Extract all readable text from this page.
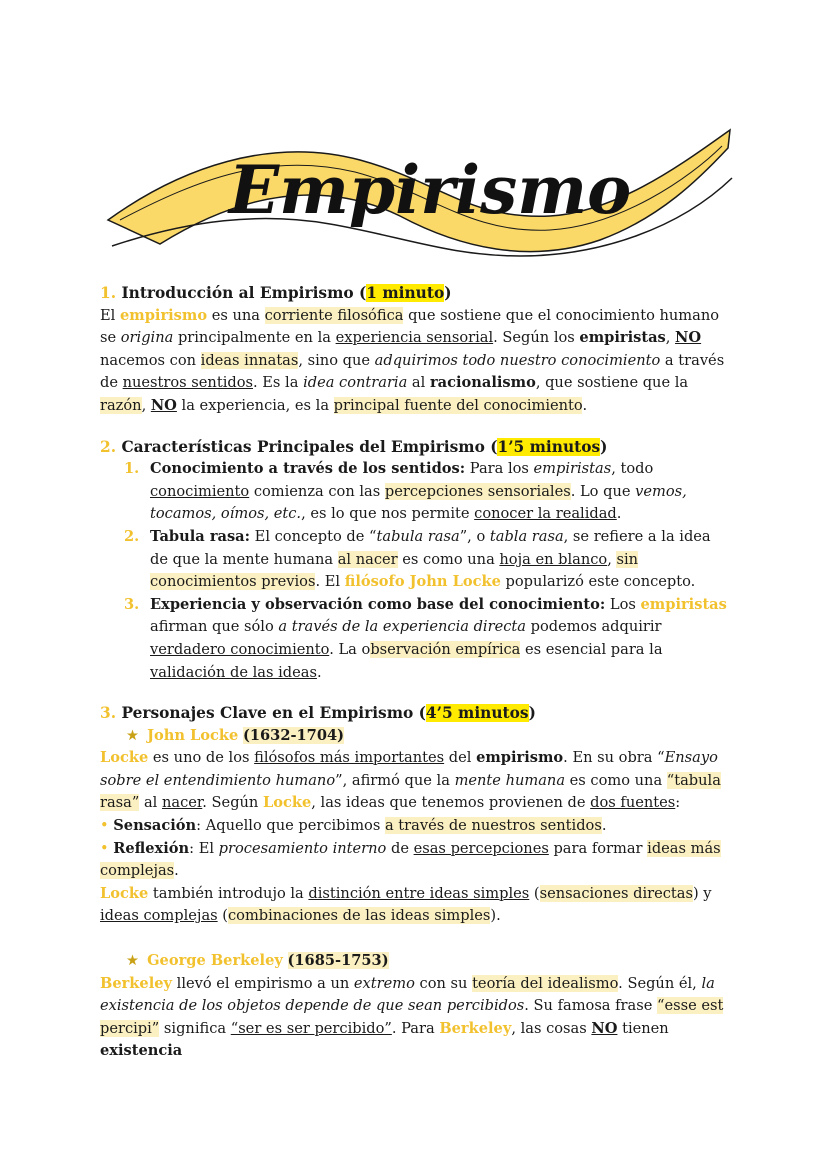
Empirismo

1. Introducción al Empirismo (1 minuto)

El empirismo es una corriente filosófica que sostiene que el conocimiento humano se origina principalmente en la experiencia sensorial. Según los empiristas, NO nacemos con ideas innatas, sino que adquirimos todo nuestro conocimiento a través de nuestros sentidos. Es la idea contraria al racionalismo, que sostiene que la razón, NO la experiencia, es la principal fuente del conocimiento.

2. Características Principales del Empirismo (1’5 minutos)

1. Conocimiento a través de los sentidos: Para los empiristas, todo conocimiento comienza con las percepciones sensoriales. Lo que vemos, tocamos, oímos, etc., es lo que nos permite conocer la realidad.
2. Tabula rasa: El concepto de “tabula rasa”, o tabla rasa, se refiere a la idea de que la mente humana al nacer es como una hoja en blanco, sin conocimientos previos. El filósofo John Locke popularizó este concepto.
3. Experiencia y observación como base del conocimiento: Los empiristas afirman que sólo a través de la experiencia directa podemos adquirir verdadero conocimiento. La observación empírica es esencial para la validación de las ideas.

3. Personajes Clave en el Empirismo (4’5 minutos)

★ John Locke (1632-1704)

Locke es uno de los filósofos más importantes del empirismo. En su obra “Ensayo sobre el entendimiento humano”, afirmó que la mente humana es como una “tabula rasa” al nacer. Según Locke, las ideas que tenemos provienen de dos fuentes:

• Sensación: Aquello que percibimos a través de nuestros sentidos.

• Reflexión: El procesamiento interno de esas percepciones para formar ideas más complejas.

Locke también introdujo la distinción entre ideas simples (sensaciones directas) y ideas complejas (combinaciones de las ideas simples).

★ George Berkeley (1685-1753)

Berkeley llevó el empirismo a un extremo con su teoría del idealismo. Según él, la existencia de los objetos depende de que sean percibidos. Su famosa frase “esse est percipi” significa “ser es ser percibido”. Para Berkeley, las cosas NO tienen existencia
